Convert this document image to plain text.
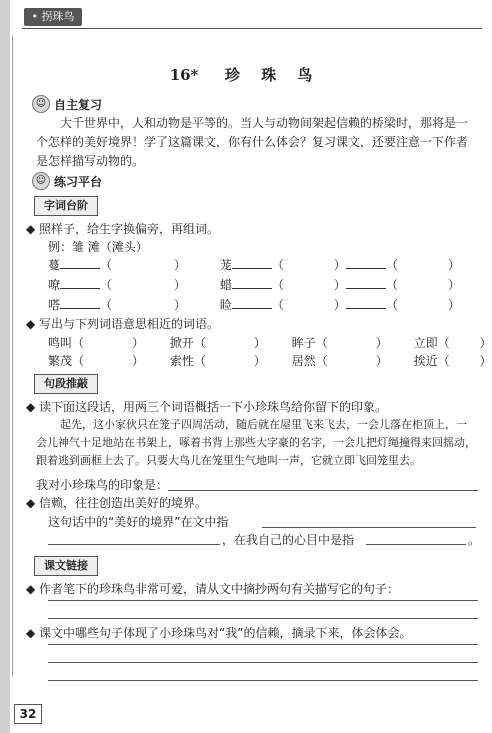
• 拐珠鸟
16* 珍 珠 鸟
☺ 自主复习
大千世界中，人和动物是平等的。当人与动物间架起信赖的桥梁时，那将是一个怎样的美好境界！学了这篇课文，你有什么体会？复习课文，还要注意一下作者是怎样描写动物的。
☺ 练习平台
字词台阶
◆ 照样子，给生字换偏旁，再组词。
例：雏 滩（滩头）
蔓	（	）	茏	（	）	（	）
嘹	（	）	蜡	（	）	（	）
嗒	（	）	睑	（	）	（	）
◆ 写出与下列词语意思相近的词语。
鸣叫（	） 掀开（	） 眸子（	） 立即（	）
繁茂（	） 索性（	） 居然（	） 挨近（	）
句段推敲
◆ 读下面这段话，用两三个词语概括一下小珍珠鸟给你留下的印象。
起先，这小家伙只在笼子四周活动，随后就在屋里飞来飞去，一会儿落在柜顶上，一会儿神气十足地站在书架上，啄着书背上那些大字豪的名字，一会儿把灯绳撞得来回摇动，跟着逃到画框上去了。只要大鸟儿在笼里生气地叫一声，它就立即飞回笼里去。
我对小珍珠鸟的印象是：
◆ 信赖，往往创造出美好的境界。
这句话中的“美好的境界”在文中指
，在我自己的心目中是指	。
课文链接
◆ 作者笔下的珍珠鸟非常可爱，请从文中摘抄两句有关描写它的句子：
◆ 课文中哪些句子体现了小珍珠鸟对“我”的信赖，摘录下来，体会体会。
32
